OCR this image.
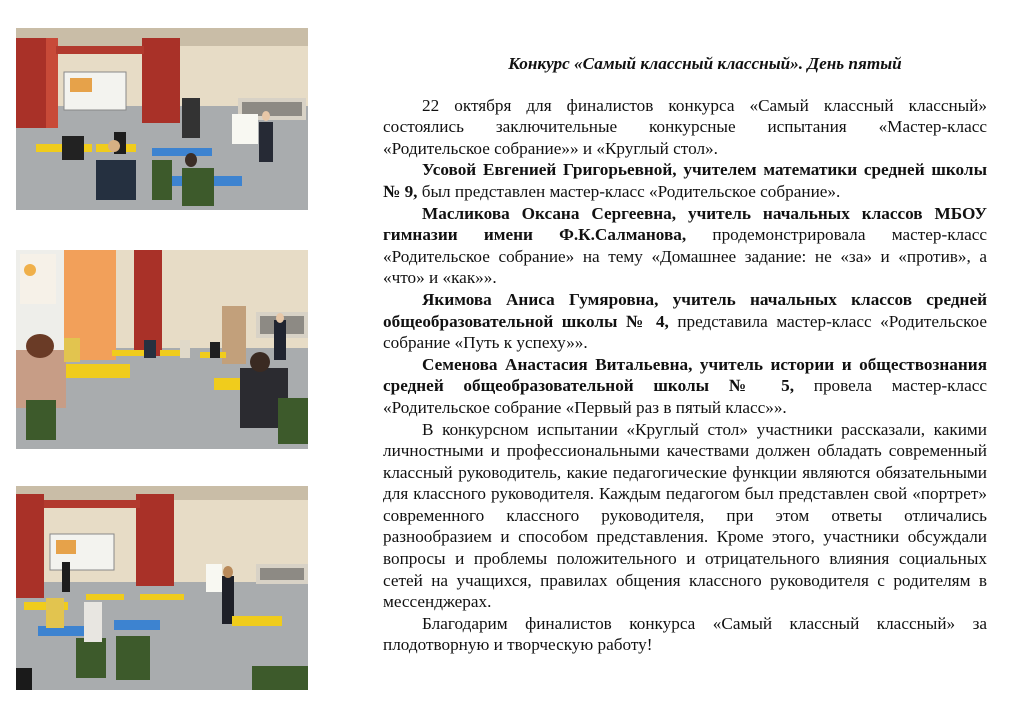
Конкурс «Самый классный классный». День пятый

22 октября для финалистов конкурса «Самый классный классный» состоялись заключительные конкурсные испытания «Мастер-класс «Родительское собрание»» и «Круглый стол».

Усовой Евгенией Григорьевной, учителем математики средней школы № 9, был представлен мастер-класс «Родительское собрание».

Масликова Оксана Сергеевна, учитель начальных классов МБОУ гимназии имени Ф.К.Салманова, продемонстрировала мастер-класс «Родительское собрание» на тему «Домашнее задание: не «за» и «против», а «что» и «как»».

Якимова Аниса Гумяровна, учитель начальных классов средней общеобразовательной школы № 4, представила мастер-класс «Родительское собрание «Путь к успеху»».

Семенова Анастасия Витальевна, учитель истории и обществознания средней общеобразовательной школы № 5, провела мастер-класс «Родительское собрание «Первый раз в пятый класс»».

В конкурсном испытании «Круглый стол» участники рассказали, какими личностными и профессиональными качествами должен обладать современный классный руководитель, какие педагогические функции являются обязательными для классного руководителя. Каждым педагогом был представлен свой «портрет» современного классного руководителя, при этом ответы отличались разнообразием и способом представления. Кроме этого, участники обсуждали вопросы и проблемы положительного и отрицательного влияния социальных сетей на учащихся, правилах общения классного руководителя с родителям в мессенджерах.

Благодарим финалистов конкурса «Самый классный классный» за плодотворную и творческую работу!
